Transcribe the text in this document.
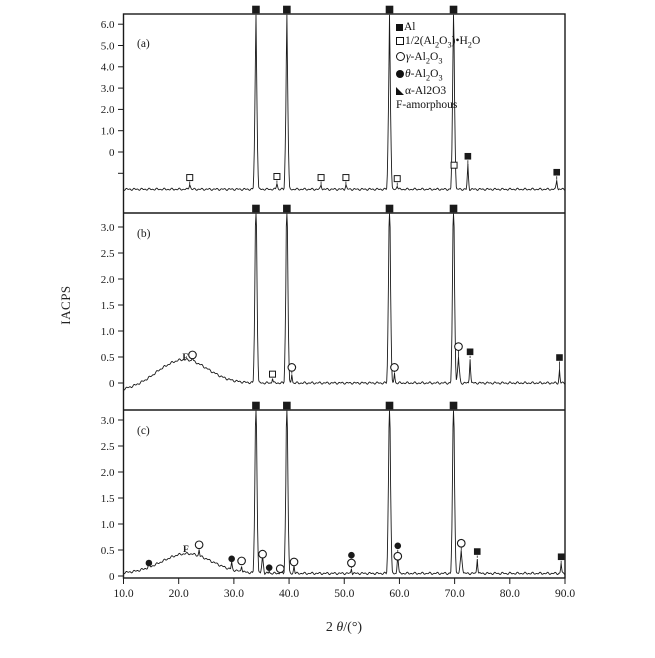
6.0
5.0
4.0
3.0
2.0
1.0
0
(a)
F
3.0
2.5
2.0
1.5
1.0
0.5
0
(b)
F
3.0
2.5
2.0
1.5
1.0
0.5
0
(c)
10.0	20.0	30.0	40.0	50.0	60.0	70.0	80.0	90.0
IACPS
2 θ/(°)
Al
$1/2(Al_2O_3)•H_2O$
$\gamma-Al_2O_3$
$\theta-Al_2O_3$
α-Al2O3
F-amorphous
